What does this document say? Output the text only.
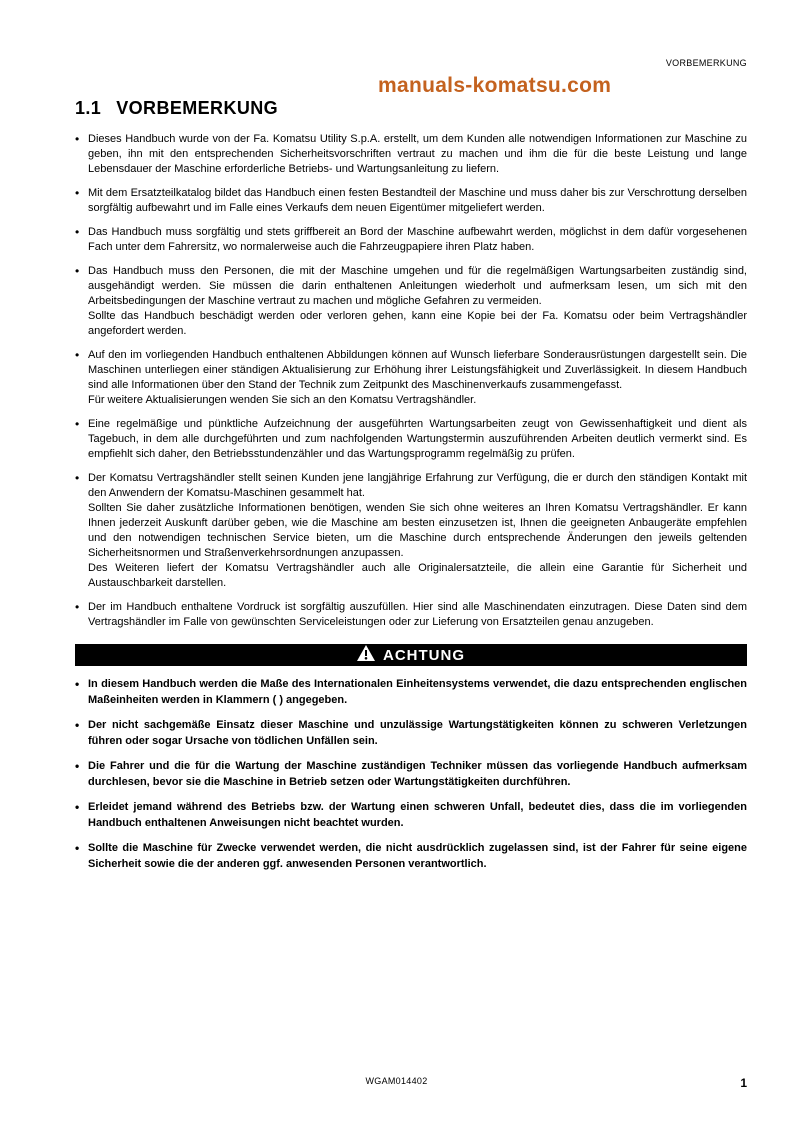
VORBEMERKUNG
manuals-komatsu.com
1.1 VORBEMERKUNG
• Dieses Handbuch wurde von der Fa. Komatsu Utility S.p.A. erstellt, um dem Kunden alle notwendigen Informationen zur Maschine zu geben, ihn mit den entsprechenden Sicherheitsvorschriften vertraut zu machen und ihm die für die beste Leistung und lange Lebensdauer der Maschine erforderliche Betriebs- und Wartungsanleitung zu liefern.

• Mit dem Ersatzteilkatalog bildet das Handbuch einen festen Bestandteil der Maschine und muss daher bis zur Verschrottung derselben sorgfältig aufbewahrt und im Falle eines Verkaufs dem neuen Eigentümer mitgeliefert werden.

• Das Handbuch muss sorgfältig und stets griffbereit an Bord der Maschine aufbewahrt werden, möglichst in dem dafür vorgesehenen Fach unter dem Fahrersitz, wo normalerweise auch die Fahrzeugpapiere ihren Platz haben.

• Das Handbuch muss den Personen, die mit der Maschine umgehen und für die regelmäßigen Wartungsarbeiten zuständig sind, ausgehändigt werden. Sie müssen die darin enthaltenen Anleitungen wiederholt und aufmerksam lesen, um sich mit den Arbeitsbedingungen der Maschine vertraut zu machen und mögliche Gefahren zu vermeiden.

Sollte das Handbuch beschädigt werden oder verloren gehen, kann eine Kopie bei der Fa. Komatsu oder beim Vertragshändler angefordert werden.

• Auf den im vorliegenden Handbuch enthaltenen Abbildungen können auf Wunsch lieferbare Sonderausrüstungen dargestellt sein. Die Maschinen unterliegen einer ständigen Aktualisierung zur Erhöhung ihrer Leistungsfähigkeit und Zuverlässigkeit. In diesem Handbuch sind alle Informationen über den Stand der Technik zum Zeitpunkt des Maschinenverkaufs zusammengefasst.

Für weitere Aktualisierungen wenden Sie sich an den Komatsu Vertragshändler.

• Eine regelmäßige und pünktliche Aufzeichnung der ausgeführten Wartungsarbeiten zeugt von Gewissenhaftigkeit und dient als Tagebuch, in dem alle durchgeführten und zum nachfolgenden Wartungstermin auszuführenden Arbeiten deutlich vermerkt sind. Es empfiehlt sich daher, den Betriebsstundenzähler und das Wartungsprogramm regelmäßig zu prüfen.

• Der Komatsu Vertragshändler stellt seinen Kunden jene langjährige Erfahrung zur Verfügung, die er durch den ständigen Kontakt mit den Anwendern der Komatsu-Maschinen gesammelt hat.

Sollten Sie daher zusätzliche Informationen benötigen, wenden Sie sich ohne weiteres an Ihren Komatsu Vertragshändler. Er kann Ihnen jederzeit Auskunft darüber geben, wie die Maschine am besten einzusetzen ist, Ihnen die geeigneten Anbaugeräte empfehlen und den notwendigen technischen Service bieten, um die Maschine durch entsprechende Änderungen den jeweils geltenden Sicherheitsnormen und Straßenverkehrsordnungen anzupassen.

Des Weiteren liefert der Komatsu Vertragshändler auch alle Originalersatzteile, die allein eine Garantie für Sicherheit und Austauschbarkeit darstellen.

• Der im Handbuch enthaltene Vordruck ist sorgfältig auszufüllen. Hier sind alle Maschinendaten einzutragen. Diese Daten sind dem Vertragshändler im Falle von gewünschten Serviceleistungen oder zur Lieferung von Ersatzteilen genau anzugeben.

ACHTUNG
• In diesem Handbuch werden die Maße des Internationalen Einheitensystems verwendet, die dazu entsprechenden englischen Maßeinheiten werden in Klammern ( ) angegeben.

• Der nicht sachgemäße Einsatz dieser Maschine und unzulässige Wartungstätigkeiten können zu schweren Verletzungen führen oder sogar Ursache von tödlichen Unfällen sein.

• Die Fahrer und die für die Wartung der Maschine zuständigen Techniker müssen das vorliegende Handbuch aufmerksam durchlesen, bevor sie die Maschine in Betrieb setzen oder Wartungstätigkeiten durchführen.

• Erleidet jemand während des Betriebs bzw. der Wartung einen schweren Unfall, bedeutet dies, dass die im vorliegenden Handbuch enthaltenen Anweisungen nicht beachtet wurden.

• Sollte die Maschine für Zwecke verwendet werden, die nicht ausdrücklich zugelassen sind, ist der Fahrer für seine eigene Sicherheit sowie die der anderen ggf. anwesenden Personen verantwortlich.

WGAM014402	1
